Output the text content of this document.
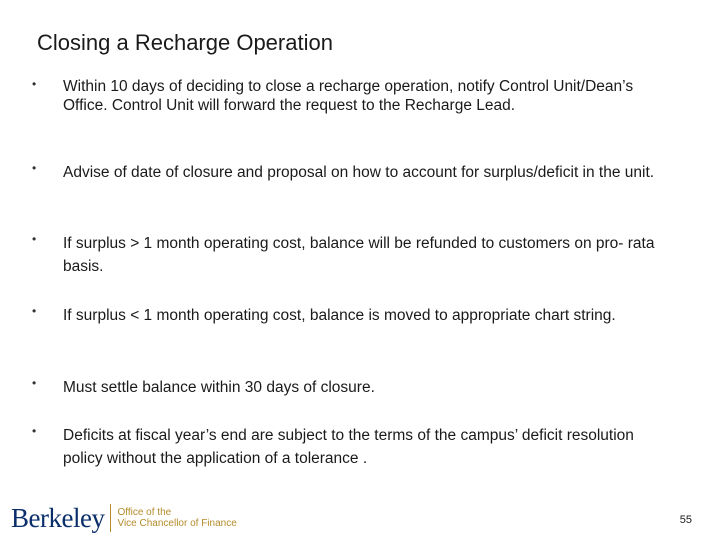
Closing a Recharge Operation
• Within 10 days of deciding to close a recharge operation, notify Control Unit/Dean’s Office. Control Unit will forward the request to the Recharge Lead.
• Advise of date of closure and proposal on how to account for surplus/deficit in the unit.
• If surplus > 1 month operating cost, balance will be refunded to customers on pro- rata basis.
• If surplus < 1 month operating cost, balance is moved to appropriate chart string.
• Must settle balance within 30 days of closure.
• Deficits at fiscal year’s end are subject to the terms of the campus’ deficit resolution policy without the application of a tolerance .
Berkeley Office of the
Vice Chancellor of Finance	55
